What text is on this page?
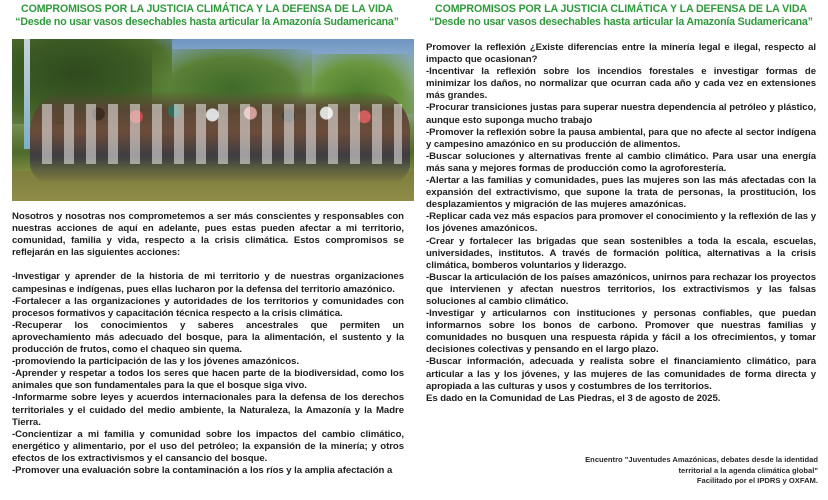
COMPROMISOS POR LA JUSTICIA CLIMÁTICA Y LA DEFENSA DE LA VIDA
“Desde no usar vasos desechables hasta articular la Amazonía Sudamericana”

Nosotros y nosotras nos comprometemos a ser más conscientes y responsables con nuestras acciones de aquí en adelante, pues estas pueden afectar a mi territorio, comunidad, familia y vida, respecto a la crisis climática. Estos compromisos se reflejarán en las siguientes acciones:

-Investigar y aprender de la historia de mi territorio y de nuestras organizaciones campesinas e indígenas, pues ellas lucharon por la defensa del territorio amazónico.

-Fortalecer a las organizaciones y autoridades de los territorios y comunidades con procesos formativos y capacitación técnica respecto a la crisis climática.

-Recuperar los conocimientos y saberes ancestrales que permiten un aprovechamiento más adecuado del bosque, para la alimentación, el sustento y la producción de frutos, como el chaqueo sin quema.

-promoviendo la participación de las y los jóvenes amazónicos.

-Aprender y respetar a todos los seres que hacen parte de la biodiversidad, como los animales que son fundamentales para la que el bosque siga vivo.

-Informarme sobre leyes y acuerdos internacionales para la defensa de los derechos territoriales y el cuidado del medio ambiente, la Naturaleza, la Amazonía y la Madre Tierra.

-Concientizar a mi familia y comunidad sobre los impactos del cambio climático, energético y alimentario, por el uso del petróleo; la expansión de la minería; y otros efectos de los extractivismos y el cansancio del bosque.

-Promover una evaluación sobre la contaminación a los ríos y la amplia afectación a

COMPROMISOS POR LA JUSTICIA CLIMÁTICA Y LA DEFENSA DE LA VIDA
“Desde no usar vasos desechables hasta articular la Amazonía Sudamericana”

Promover la reflexión ¿Existe diferencias entre la minería legal e ilegal, respecto al impacto que ocasionan?

-Incentivar la reflexión sobre los incendios forestales e investigar formas de minimizar los daños, no normalizar que ocurran cada año y cada vez en extensiones más grandes.

-Procurar transiciones justas para superar nuestra dependencia al petróleo y plástico, aunque esto suponga mucho trabajo

-Promover la reflexión sobre la pausa ambiental, para que no afecte al sector indígena y campesino amazónico en su producción de alimentos.

-Buscar soluciones y alternativas frente al cambio climático. Para usar una energía más sana y mejores formas de producción como la agroforestería.

-Alertar a las familias y comunidades, pues las mujeres son las más afectadas con la expansión del extractivismo, que supone la trata de personas, la prostitución, los desplazamientos y migración de las mujeres amazónicas.

-Replicar cada vez más espacios para promover el conocimiento y la reflexión de las y los jóvenes amazónicos.

-Crear y fortalecer las brigadas que sean sostenibles a toda la escala, escuelas, universidades, institutos. A través de formación política, alternativas a la crisis climática, bomberos voluntarios y liderazgo.

-Buscar la articulación de los países amazónicos, unirnos para rechazar los proyectos que intervienen y afectan nuestros territorios, los extractivismos y las falsas soluciones al cambio climático.

-Investigar y articularnos con instituciones y personas confiables, que puedan informarnos sobre los bonos de carbono. Promover que nuestras familias y comunidades no busquen una respuesta rápida y fácil a los ofrecimientos, y tomar decisiones colectivas y pensando en el largo plazo.

-Buscar información, adecuada y realista sobre el financiamiento climático, para articular a las y los jóvenes, y las mujeres de las comunidades de forma directa y apropiada a las culturas y usos y costumbres de los territorios.

Es dado en la Comunidad de Las Piedras, el 3 de agosto de 2025.

Encuentro "Juventudes Amazónicas, debates desde la identidad
territorial a la agenda climática global"
Facilitado por el IPDRS y OXFAM.
